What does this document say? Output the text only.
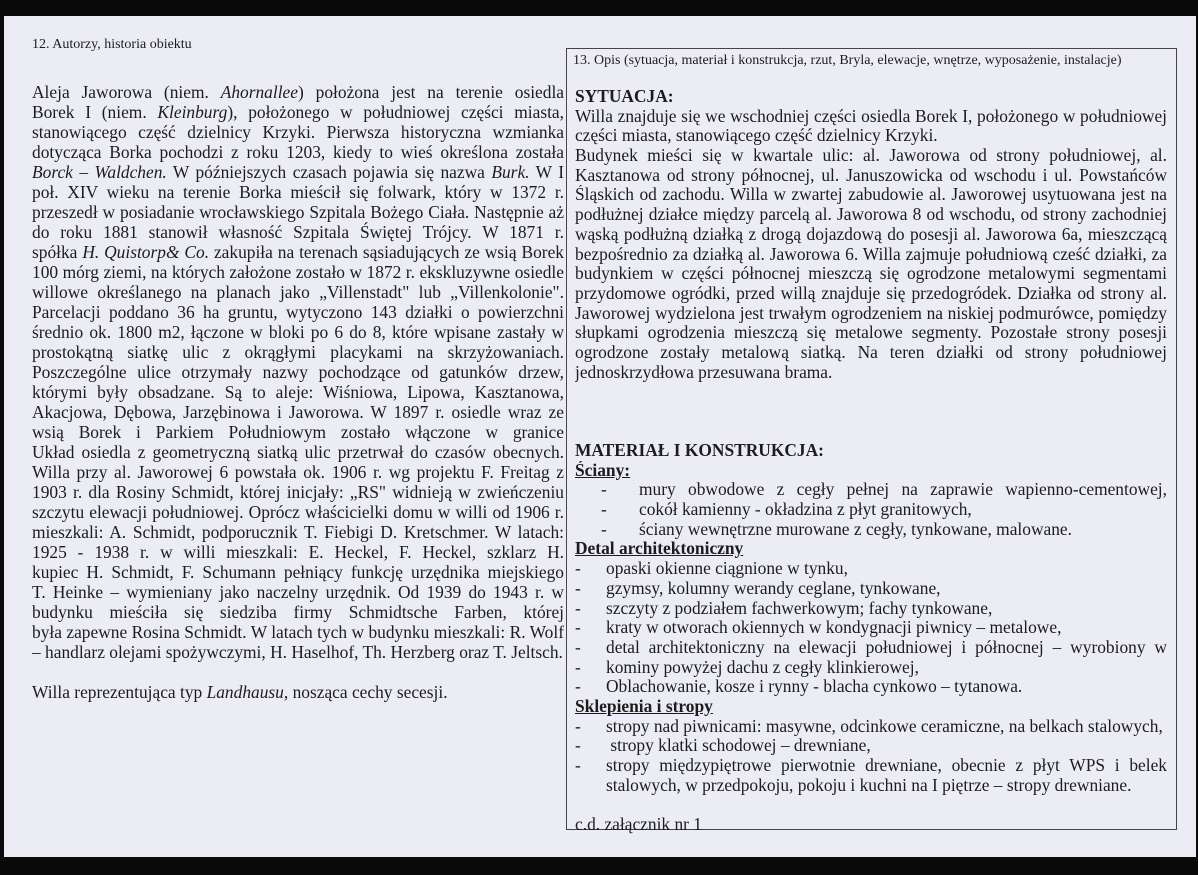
12. Autorzy, historia obiektu
Aleja Jaworowa (niem. Ahornallee) położona jest na terenie osiedla
Borek I (niem. Kleinburg), położonego w południowej części miasta,
stanowiącego część dzielnicy Krzyki. Pierwsza historyczna wzmianka
dotycząca Borka pochodzi z roku 1203, kiedy to wieś określona została
Borck – Waldchen. W późniejszych czasach pojawia się nazwa Burk. W I
poł. XIV wieku na terenie Borka mieścił się folwark, który w 1372 r.
przeszedł w posiadanie wrocławskiego Szpitala Bożego Ciała. Następnie aż
do roku 1881 stanowił własność Szpitala Świętej Trójcy. W 1871 r.
spółka H. Quistorp& Co. zakupiła na terenach sąsiadujących ze wsią Borek
100 mórg ziemi, na których założone zostało w 1872 r. ekskluzywne osiedle
willowe określanego na planach jako „Villenstadt" lub „Villenkolonie".
Parcelacji poddano 36 ha gruntu, wytyczono 143 działki o powierzchni
średnio ok. 1800 m2, łączone w bloki po 6 do 8, które wpisane zastały w
prostokątną siatkę ulic z okrągłymi placykami na skrzyżowaniach.
Poszczególne ulice otrzymały nazwy pochodzące od gatunków drzew,
którymi były obsadzane. Są to aleje: Wiśniowa, Lipowa, Kasztanowa,
Akacjowa, Dębowa, Jarzębinowa i Jaworowa. W 1897 r. osiedle wraz ze
wsią Borek i Parkiem Południowym zostało włączone w granice
Układ osiedla z geometryczną siatką ulic przetrwał do czasów obecnych.
Willa przy al. Jaworowej 6 powstała ok. 1906 r. wg projektu F. Freitag z
1903 r. dla Rosiny Schmidt, której inicjały: „RS" widnieją w zwieńczeniu
szczytu elewacji południowej. Oprócz właścicielki domu w willi od 1906 r.
mieszkali: A. Schmidt, podporucznik T. Fiebigi D. Kretschmer. W latach:
1925 - 1938 r. w willi mieszkali: E. Heckel, F. Heckel, szklarz H.
kupiec H. Schmidt, F. Schumann pełniący funkcję urzędnika miejskiego
T. Heinke – wymieniany jako naczelny urzędnik. Od 1939 do 1943 r. w
budynku mieściła się siedziba firmy Schmidtsche Farben, której
była zapewne Rosina Schmidt. W latach tych w budynku mieszkali: R. Wolf
– handlarz olejami spożywczymi, H. Haselhof, Th. Herzberg oraz T. Jeltsch.
Willa reprezentująca typ Landhausu, nosząca cechy secesji.
13. Opis (sytuacja, materiał i konstrukcja, rzut, Bryla, elewacje, wnętrze, wyposażenie, instalacje)
SYTUACJA:
Willa znajduje się we wschodniej części osiedla Borek I, położonego w południowej
części miasta, stanowiącego część dzielnicy Krzyki.
Budynek mieści się w kwartale ulic: al. Jaworowa od strony południowej, al.
Kasztanowa od strony północnej, ul. Januszowicka od wschodu i ul. Powstańców
Śląskich od zachodu. Willa w zwartej zabudowie al. Jaworowej usytuowana jest na
podłużnej działce między parcelą al. Jaworowa 8 od wschodu, od strony zachodniej
wąską podłużną działką z drogą dojazdową do posesji al. Jaworowa 6a, mieszczącą
bezpośrednio za działką al. Jaworowa 6. Willa zajmuje południową cześć działki, za
budynkiem w części północnej mieszczą się ogrodzone metalowymi segmentami
przydomowe ogródki, przed willą znajduje się przedogródek. Działka od strony al.
Jaworowej wydzielona jest trwałym ogrodzeniem na niskiej podmurówce, pomiędzy
słupkami ogrodzenia mieszczą się metalowe segmenty. Pozostałe strony posesji
ogrodzone zostały metalową siatką. Na teren działki od strony południowej
jednoskrzydłowa przesuwana brama.
MATERIAŁ I KONSTRUKCJA:
Ściany:
- mury obwodowe z cegły pełnej na zaprawie wapienno-cementowej,
- cokół kamienny - okładzina z płyt granitowych,
- ściany wewnętrzne murowane z cegły, tynkowane, malowane.
Detal architektoniczny
- opaski okienne ciągnione w tynku,
- gzymsy, kolumny werandy ceglane, tynkowane,
- szczyty z podziałem fachwerkowym; fachy tynkowane,
- kraty w otworach okiennych w kondygnacji piwnicy – metalowe,
- detal architektoniczny na elewacji południowej i północnej – wyrobiony w
- kominy powyżej dachu z cegły klinkierowej,
- Oblachowanie, kosze i rynny - blacha cynkowo – tytanowa.
Sklepienia i stropy
- stropy nad piwnicami: masywne, odcinkowe ceramiczne, na belkach stalowych,
- stropy klatki schodowej – drewniane,
- stropy międzypiętrowe pierwotnie drewniane, obecnie z płyt WPS i belek
stalowych, w przedpokoju, pokoju i kuchni na I piętrze – stropy drewniane.
c.d. załącznik nr 1
